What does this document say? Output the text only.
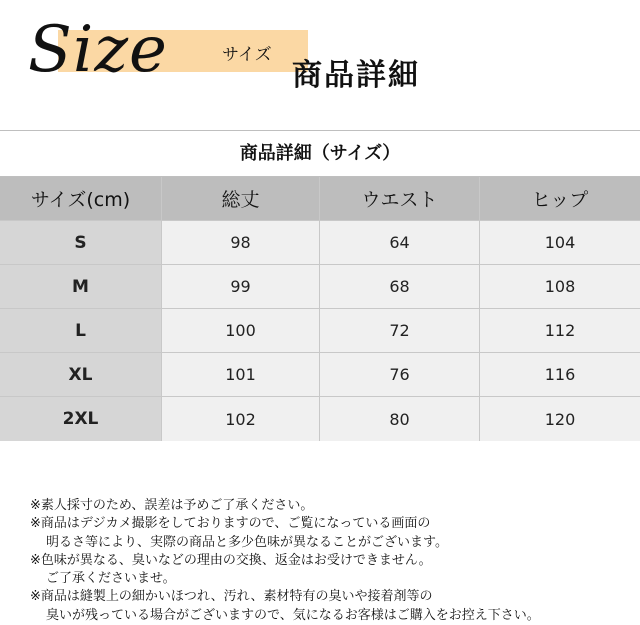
Size	サイズ
商品詳細
商品詳細（サイズ）
サイズ(cm)	総丈	ウエスト	ヒップ
S	98	64	104
M	99	68	108
L	100	72	112
XL	101	76	116
2XL	102	80	120
※素人採寸のため、誤差は予めご了承ください。
※商品はデジカメ撮影をしておりますので、ご覧になっている画面の
明るさ等により、実際の商品と多少色味が異なることがございます。
※色味が異なる、臭いなどの理由の交換、返金はお受けできません。
ご了承くださいませ。
※商品は縫製上の細かいほつれ、汚れ、素材特有の臭いや接着剤等の
臭いが残っている場合がございますので、気になるお客様はご購入をお控え下さい。
